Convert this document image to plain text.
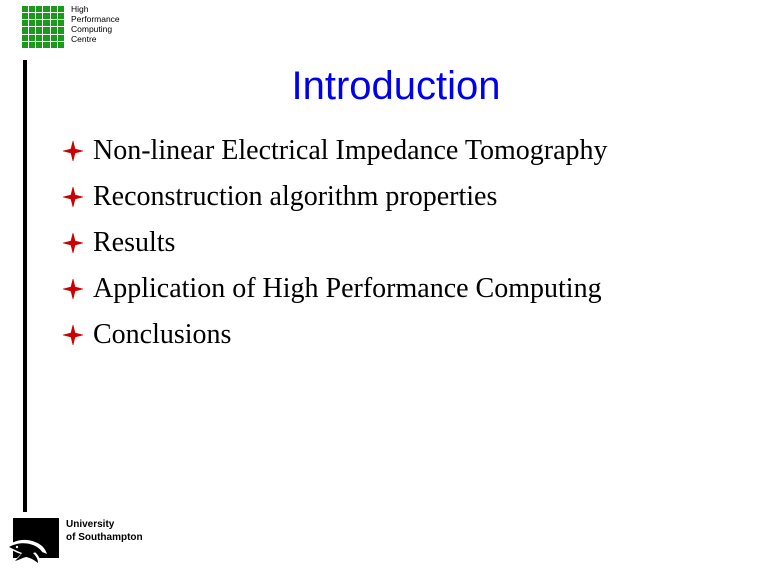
High
Performance
Computing
Centre
Introduction
Non-linear Electrical Impedance Tomography
Reconstruction algorithm properties
Results
Application of High Performance Computing
Conclusions
University
of Southampton
